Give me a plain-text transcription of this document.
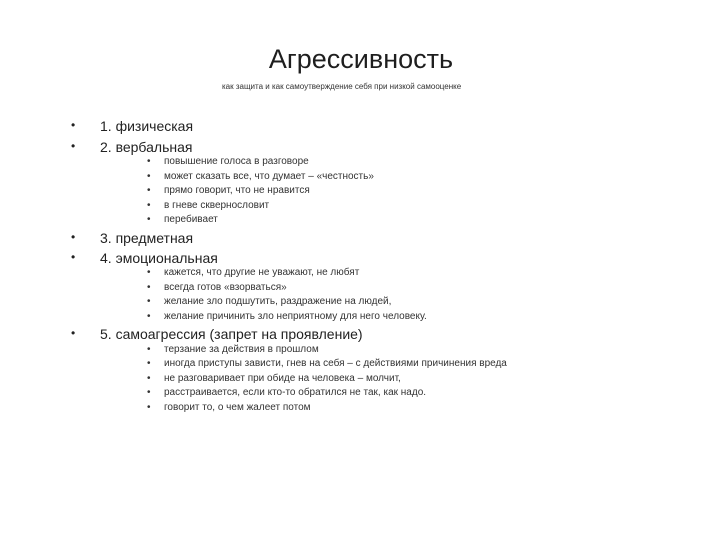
Агрессивность
как защита и как самоутверждение себя при низкой самооценке
• 1. физическая
• 2. вербальная
• повышение голоса в разговоре
• может сказать все, что думает – «честность»
• прямо говорит, что не нравится
• в гневе сквернословит
• перебивает
• 3. предметная
• 4. эмоциональная
• кажется, что другие не уважают, не любят
• всегда готов «взорваться»
• желание зло подшутить, раздражение на людей,
• желание причинить зло неприятному для него человеку.
• 5. самоагрессия (запрет на проявление)
• терзание за действия в прошлом
• иногда приступы зависти, гнев на себя – с действиями причинения вреда
• не разговаривает при обиде на человека – молчит,
• расстраивается, если кто-то обратился не так, как надо.
• говорит то, о чем жалеет потом
